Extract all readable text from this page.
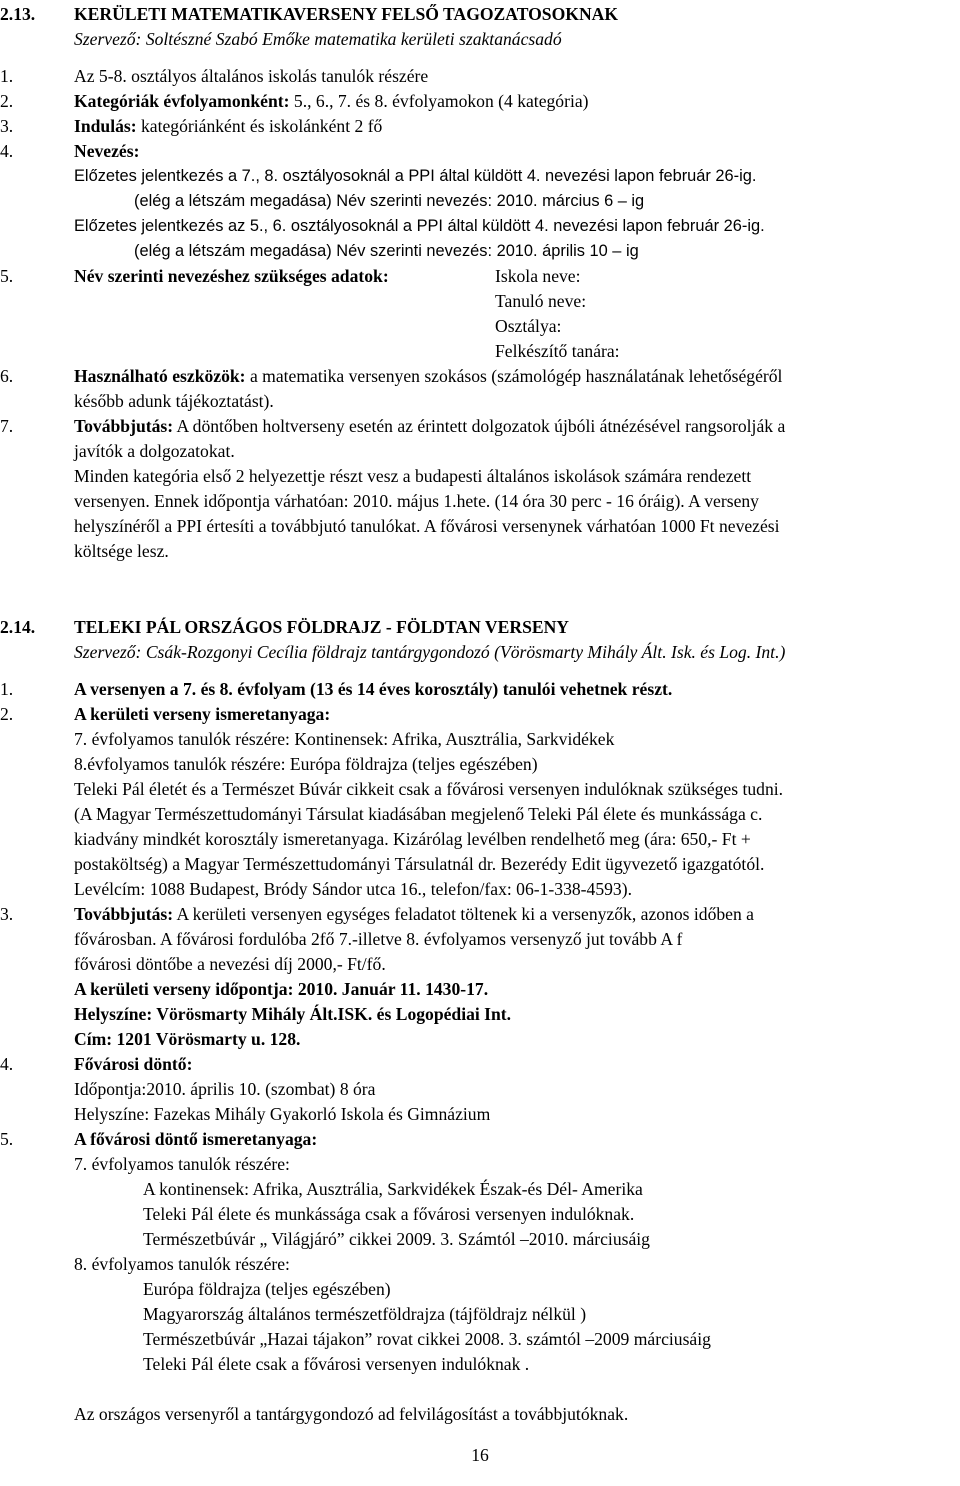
2.13. KERÜLETI MATEMATIKAVERSENY FELSŐ TAGOZATOSOKNAK
Szervező: Soltészné Szabó Emőke matematika kerületi szaktanácsadó
1.	Az 5-8. osztályos általános iskolás tanulók részére
2.	Kategóriák évfolyamonként: 5., 6., 7. és 8. évfolyamokon (4 kategória)
3.	Indulás: kategóriánként és iskolánként 2 fő
4.	Nevezés:
Előzetes jelentkezés a 7., 8. osztályosoknál a PPI által küldött 4. nevezési lapon február 26-ig.
(elég a létszám megadása) Név szerinti nevezés: 2010. március 6 – ig
Előzetes jelentkezés az 5., 6. osztályosoknál a PPI által küldött 4. nevezési lapon február 26-ig.
(elég a létszám megadása) Név szerinti nevezés: 2010. április 10 – ig
5.	Név szerinti nevezéshez szükséges adatok:	Iskola neve:
Tanuló neve:
Osztálya:
Felkészítő tanára:
6.	Használható eszközök: a matematika versenyen szokásos (számológép használatának lehetőségéről
később adunk tájékoztatást).
7.	Továbbjutás: A döntőben holtverseny esetén az érintett dolgozatok újbóli átnézésével rangsorolják a
javítók a dolgozatokat.
Minden kategória első 2 helyezettje részt vesz a budapesti általános iskolások számára rendezett
versenyen. Ennek időpontja várhatóan: 2010. május 1.hete. (14 óra 30 perc - 16 óráig). A verseny
helyszínéről a PPI értesíti a továbbjutó tanulókat. A fővárosi versenynek várhatóan 1000 Ft nevezési
költsége lesz.
2.14. TELEKI PÁL ORSZÁGOS FÖLDRAJZ - FÖLDTAN VERSENY
Szervező: Csák-Rozgonyi Cecília földrajz tantárgygondozó (Vörösmarty Mihály Ált. Isk. és Log. Int.)
1.	A versenyen a 7. és 8. évfolyam (13 és 14 éves korosztály) tanulói vehetnek részt.
2.	A kerületi verseny ismeretanyaga:
7. évfolyamos tanulók részére: Kontinensek: Afrika, Ausztrália, Sarkvidékek
8.évfolyamos tanulók részére: Európa földrajza (teljes egészében)
Teleki Pál életét és a Természet Búvár cikkeit csak a fővárosi versenyen indulóknak szükséges tudni.
(A Magyar Természettudományi Társulat kiadásában megjelenő Teleki Pál élete és munkássága c.
kiadvány mindkét korosztály ismeretanyaga. Kizárólag levélben rendelhető meg (ára: 650,- Ft +
postaköltség) a Magyar Természettudományi Társulatnál dr. Bezerédy Edit ügyvezető igazgatótól.
Levélcím: 1088 Budapest, Bródy Sándor utca 16., telefon/fax: 06-1-338-4593).
3.	Továbbjutás: A kerületi versenyen egységes feladatot töltenek ki a versenyzők, azonos időben a
fővárosban. A fővárosi fordulóba 2fő 7.-illetve 8. évfolyamos versenyző jut tovább A f
fővárosi döntőbe a nevezési díj 2000,- Ft/fő.
A kerületi verseny időpontja: 2010. Január 11. 1430-17.
Helyszíne: Vörösmarty Mihály Ált.ISK. és Logopédiai Int.
Cím: 1201 Vörösmarty u. 128.
4.	Fővárosi döntő:
Időpontja:2010. április 10. (szombat) 8 óra
Helyszíne: Fazekas Mihály Gyakorló Iskola és Gimnázium
5.	A fővárosi döntő ismeretanyaga:
7. évfolyamos tanulók részére:
A kontinensek: Afrika, Ausztrália, Sarkvidékek Észak-és Dél- Amerika
Teleki Pál élete és munkássága csak a fővárosi versenyen indulóknak.
Természetbúvár „ Világjáró” cikkei 2009. 3. Számtól –2010. márciusáig
8. évfolyamos tanulók részére:
Európa földrajza (teljes egészében)
Magyarország általános természetföldrajza (tájföldrajz nélkül )
Természetbúvár „Hazai tájakon” rovat cikkei 2008. 3. számtól –2009 márciusáig
Teleki Pál élete csak a fővárosi versenyen indulóknak .
Az országos versenyről a tantárgygondozó ad felvilágosítást a továbbjutóknak.
16
